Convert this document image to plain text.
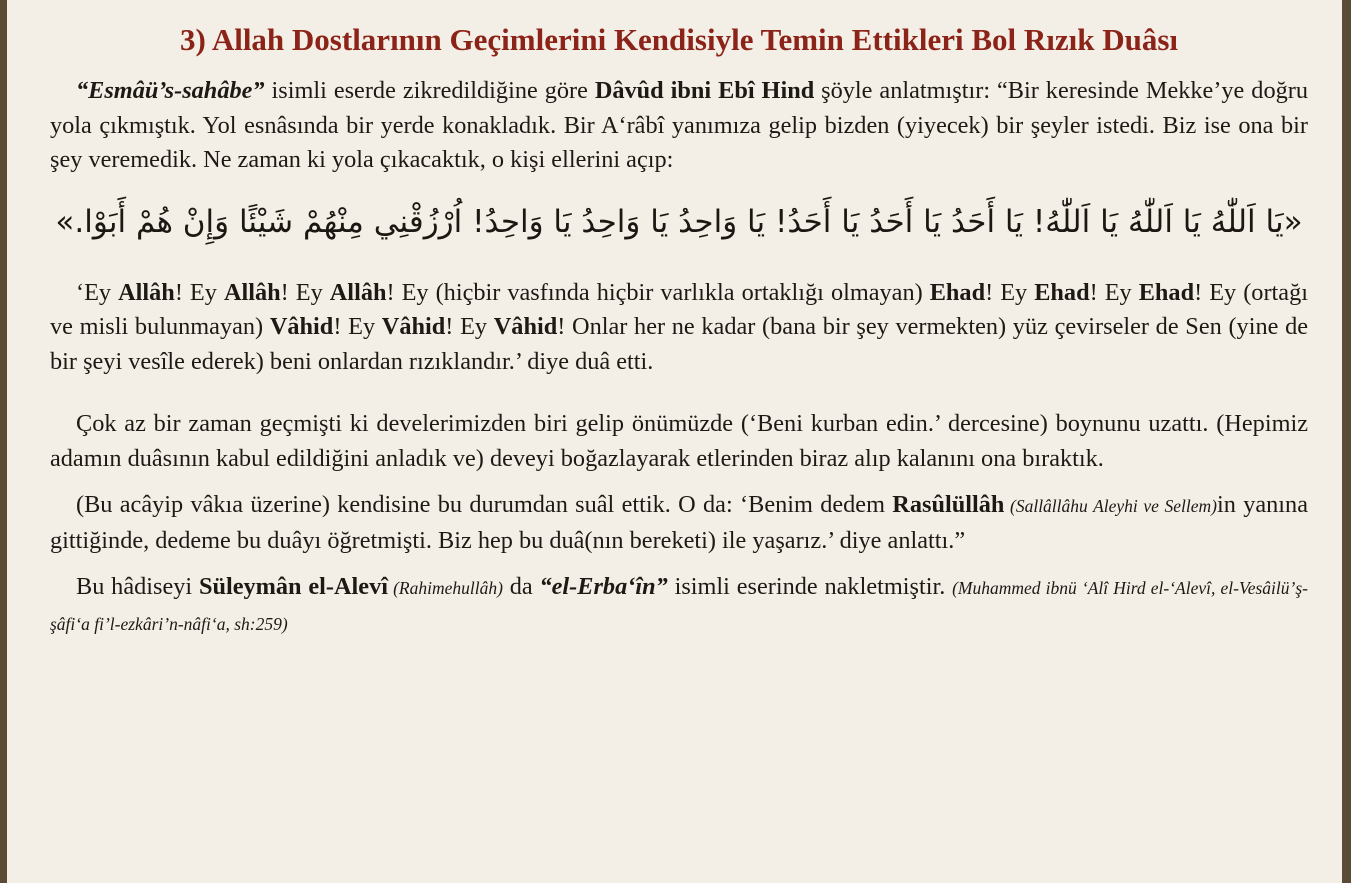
3) Allah Dostlarının Geçimlerini Kendisiyle Temin Ettikleri Bol Rızık Duâsı

“Esmâü’s-sahâbe” isimli eserde zikredildiğine göre Dâvûd ibni Ebî Hind şöyle anlatmıştır: “Bir keresinde Mekke’ye doğru yola çıkmıştık. Yol esnâsında bir yerde konakladık. Bir A‘râbî yanımıza gelip bizden (yiyecek) bir şeyler istedi. Biz ise ona bir şey veremedik. Ne zaman ki yola çıkacaktık, o kişi ellerini açıp:

«يَا اَللّٰهُ يَا اَللّٰهُ يَا اَللّٰهُ! يَا أَحَدُ يَا أَحَدُ يَا أَحَدُ! يَا وَاحِدُ يَا وَاحِدُ يَا وَاحِدُ! اُرْزُقْنِي مِنْهُمْ شَيْئًا وَإِنْ هُمْ أَبَوْا.»

‘Ey Allâh! Ey Allâh! Ey Allâh! Ey (hiçbir vasfında hiçbir varlıkla ortaklığı olmayan) Ehad! Ey Ehad! Ey Ehad! Ey (ortağı ve misli bulunmayan) Vâhid! Ey Vâhid! Ey Vâhid! Onlar her ne kadar (bana bir şey vermekten) yüz çevirseler de Sen (yine de bir şeyi vesîle ederek) beni onlardan rızıklandır.’ diye duâ etti.

Çok az bir zaman geçmişti ki develerimizden biri gelip önümüzde (‘Beni kurban edin.’ dercesine) boynunu uzattı. (Hepimiz adamın duâsının kabul edildiğini anladık ve) deveyi boğazlayarak etlerinden biraz alıp kalanını ona bıraktık.

(Bu acâyip vâkıa üzerine) kendisine bu durumdan suâl ettik. O da: ‘Benim dedem Rasûlüllâh (Sallâllâhu Aleyhi ve Sellem)in yanına gittiğinde, dedeme bu duâyı öğretmişti. Biz hep bu duâ(nın bereketi) ile yaşarız.’ diye anlattı.”

Bu hâdiseyi Süleymân el-Alevî (Rahimehullâh) da “el-Erba‘în” isimli eserinde nakletmiştir. (Muhammed ibnü ‘Alî Hird el-‘Alevî, el-Vesâilü’ş-şâfi‘a fi’l-ezkâri’n-nâfi‘a, sh:259)
